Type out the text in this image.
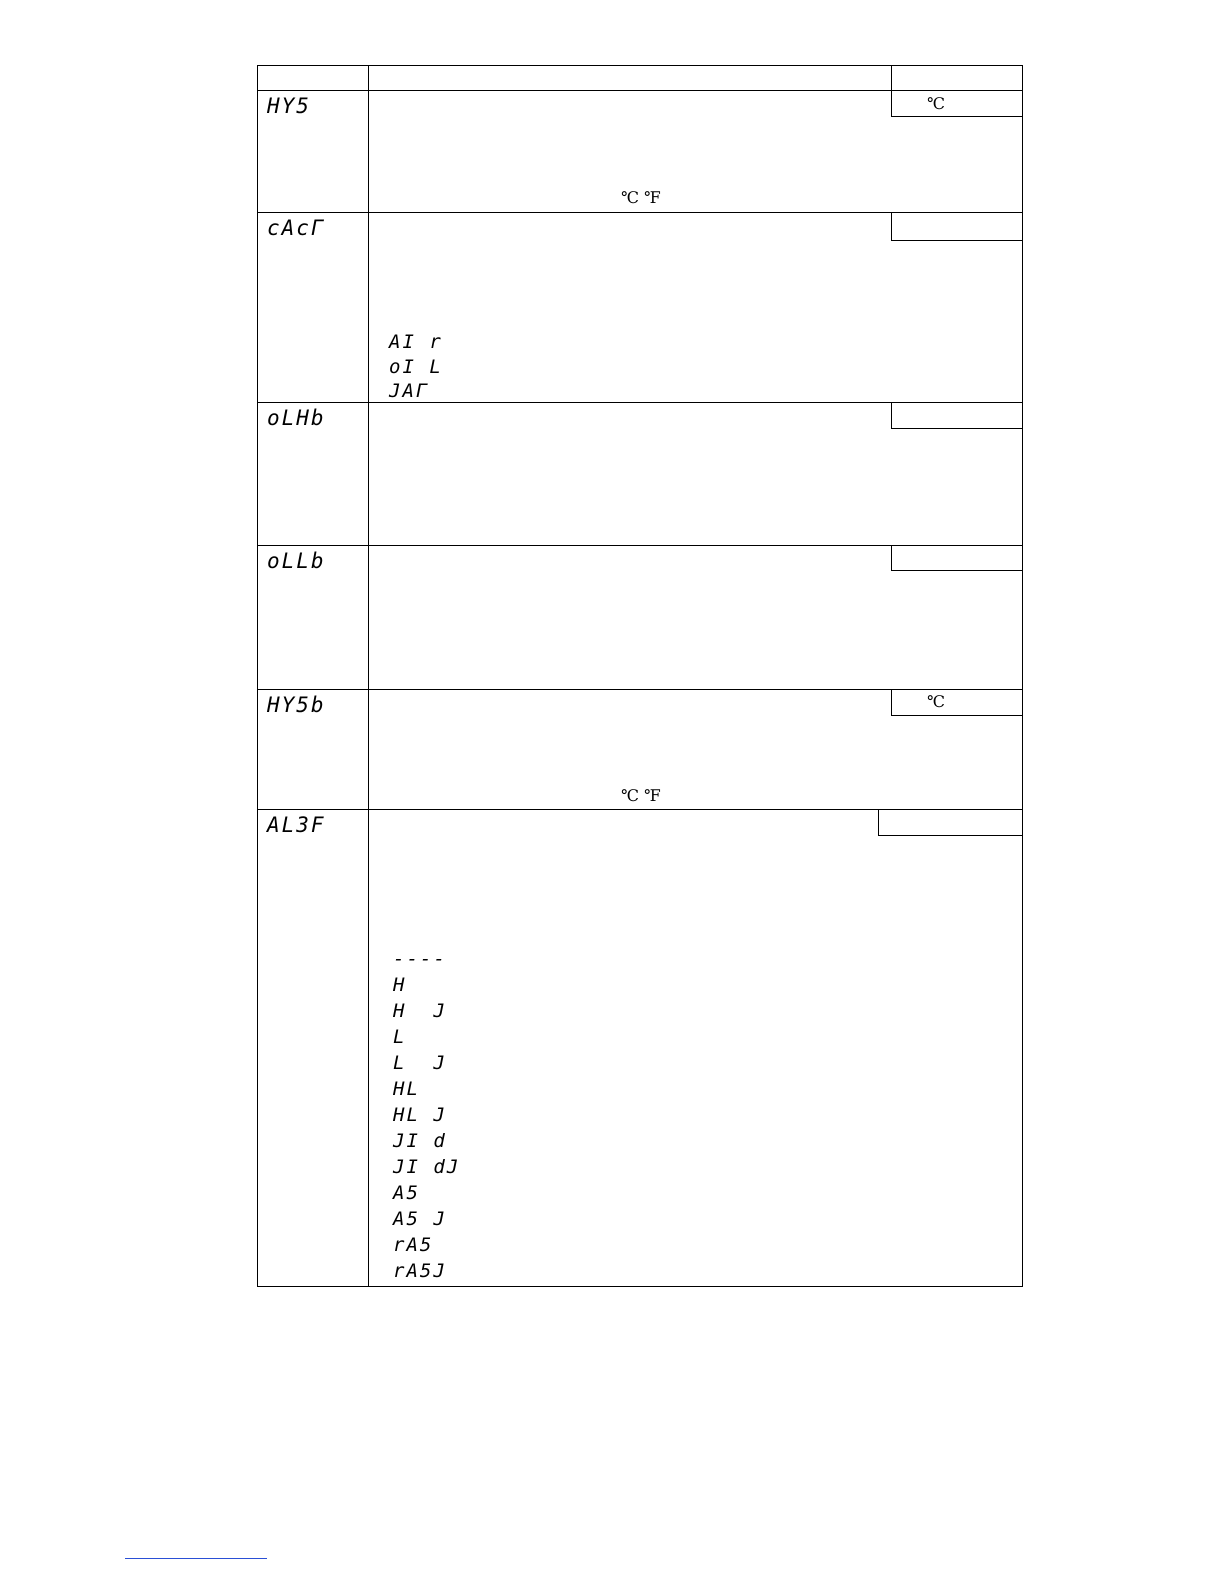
HY5	℃
℃ ℉
cAcΓ
AI r
oI L
JAΓ
oLHb
oLLb
HY5b	℃
℃ ℉
AL3F
----
H
H  J
L
L  J
HL
HL J
JI d
JI dJ
A5
A5 J
rA5
rA5J
